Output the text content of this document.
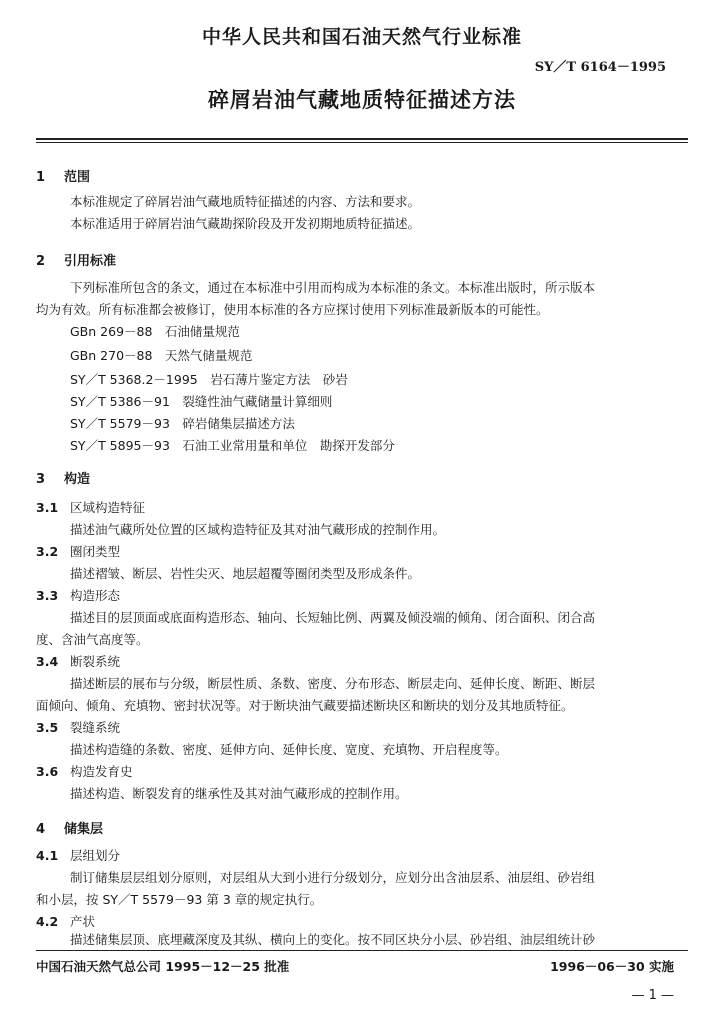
中华人民共和国石油天然气行业标准
SY／T 6164－1995
碎屑岩油气藏地质特征描述方法
1 范围
本标准规定了碎屑岩油气藏地质特征描述的内容、方法和要求。
本标准适用于碎屑岩油气藏勘探阶段及开发初期地质特征描述。
2 引用标准
下列标准所包含的条文，通过在本标准中引用而构成为本标准的条文。本标准出版时，所示版本
均为有效。所有标准都会被修订，使用本标准的各方应探讨使用下列标准最新版本的可能性。
GBn 269－88　石油储量规范
GBn 270－88　天然气储量规范
SY／T 5368.2－1995　岩石薄片鉴定方法　砂岩
SY／T 5386－91　裂缝性油气藏储量计算细则
SY／T 5579－93　碎岩储集层描述方法
SY／T 5895－93　石油工业常用量和单位　勘探开发部分
3 构造
3.1 区域构造特征
描述油气藏所处位置的区域构造特征及其对油气藏形成的控制作用。
3.2 圈闭类型
描述褶皱、断层、岩性尖灭、地层超覆等圈闭类型及形成条件。
3.3 构造形态
描述目的层顶面或底面构造形态、轴向、长短轴比例、两翼及倾没端的倾角、闭合面积、闭合高
度、含油气高度等。
3.4 断裂系统
描述断层的展布与分级，断层性质、条数、密度、分布形态、断层走向、延伸长度、断距、断层
面倾向、倾角、充填物、密封状况等。对于断块油气藏要描述断块区和断块的划分及其地质特征。
3.5 裂缝系统
描述构造缝的条数、密度、延伸方向、延伸长度、宽度、充填物、开启程度等。
3.6 构造发育史
描述构造、断裂发育的继承性及其对油气藏形成的控制作用。
4 储集层
4.1 层组划分
制订储集层层组划分原则，对层组从大到小进行分级划分，应划分出含油层系、油层组、砂岩组
和小层，按 SY／T 5579－93 第 3 章的规定执行。
4.2 产状
描述储集层顶、底埋藏深度及其纵、横向上的变化。按不同区块分小层、砂岩组、油层组统计砂
中国石油天然气总公司 1995－12－25 批准	1996－06－30 实施
— 1 —
